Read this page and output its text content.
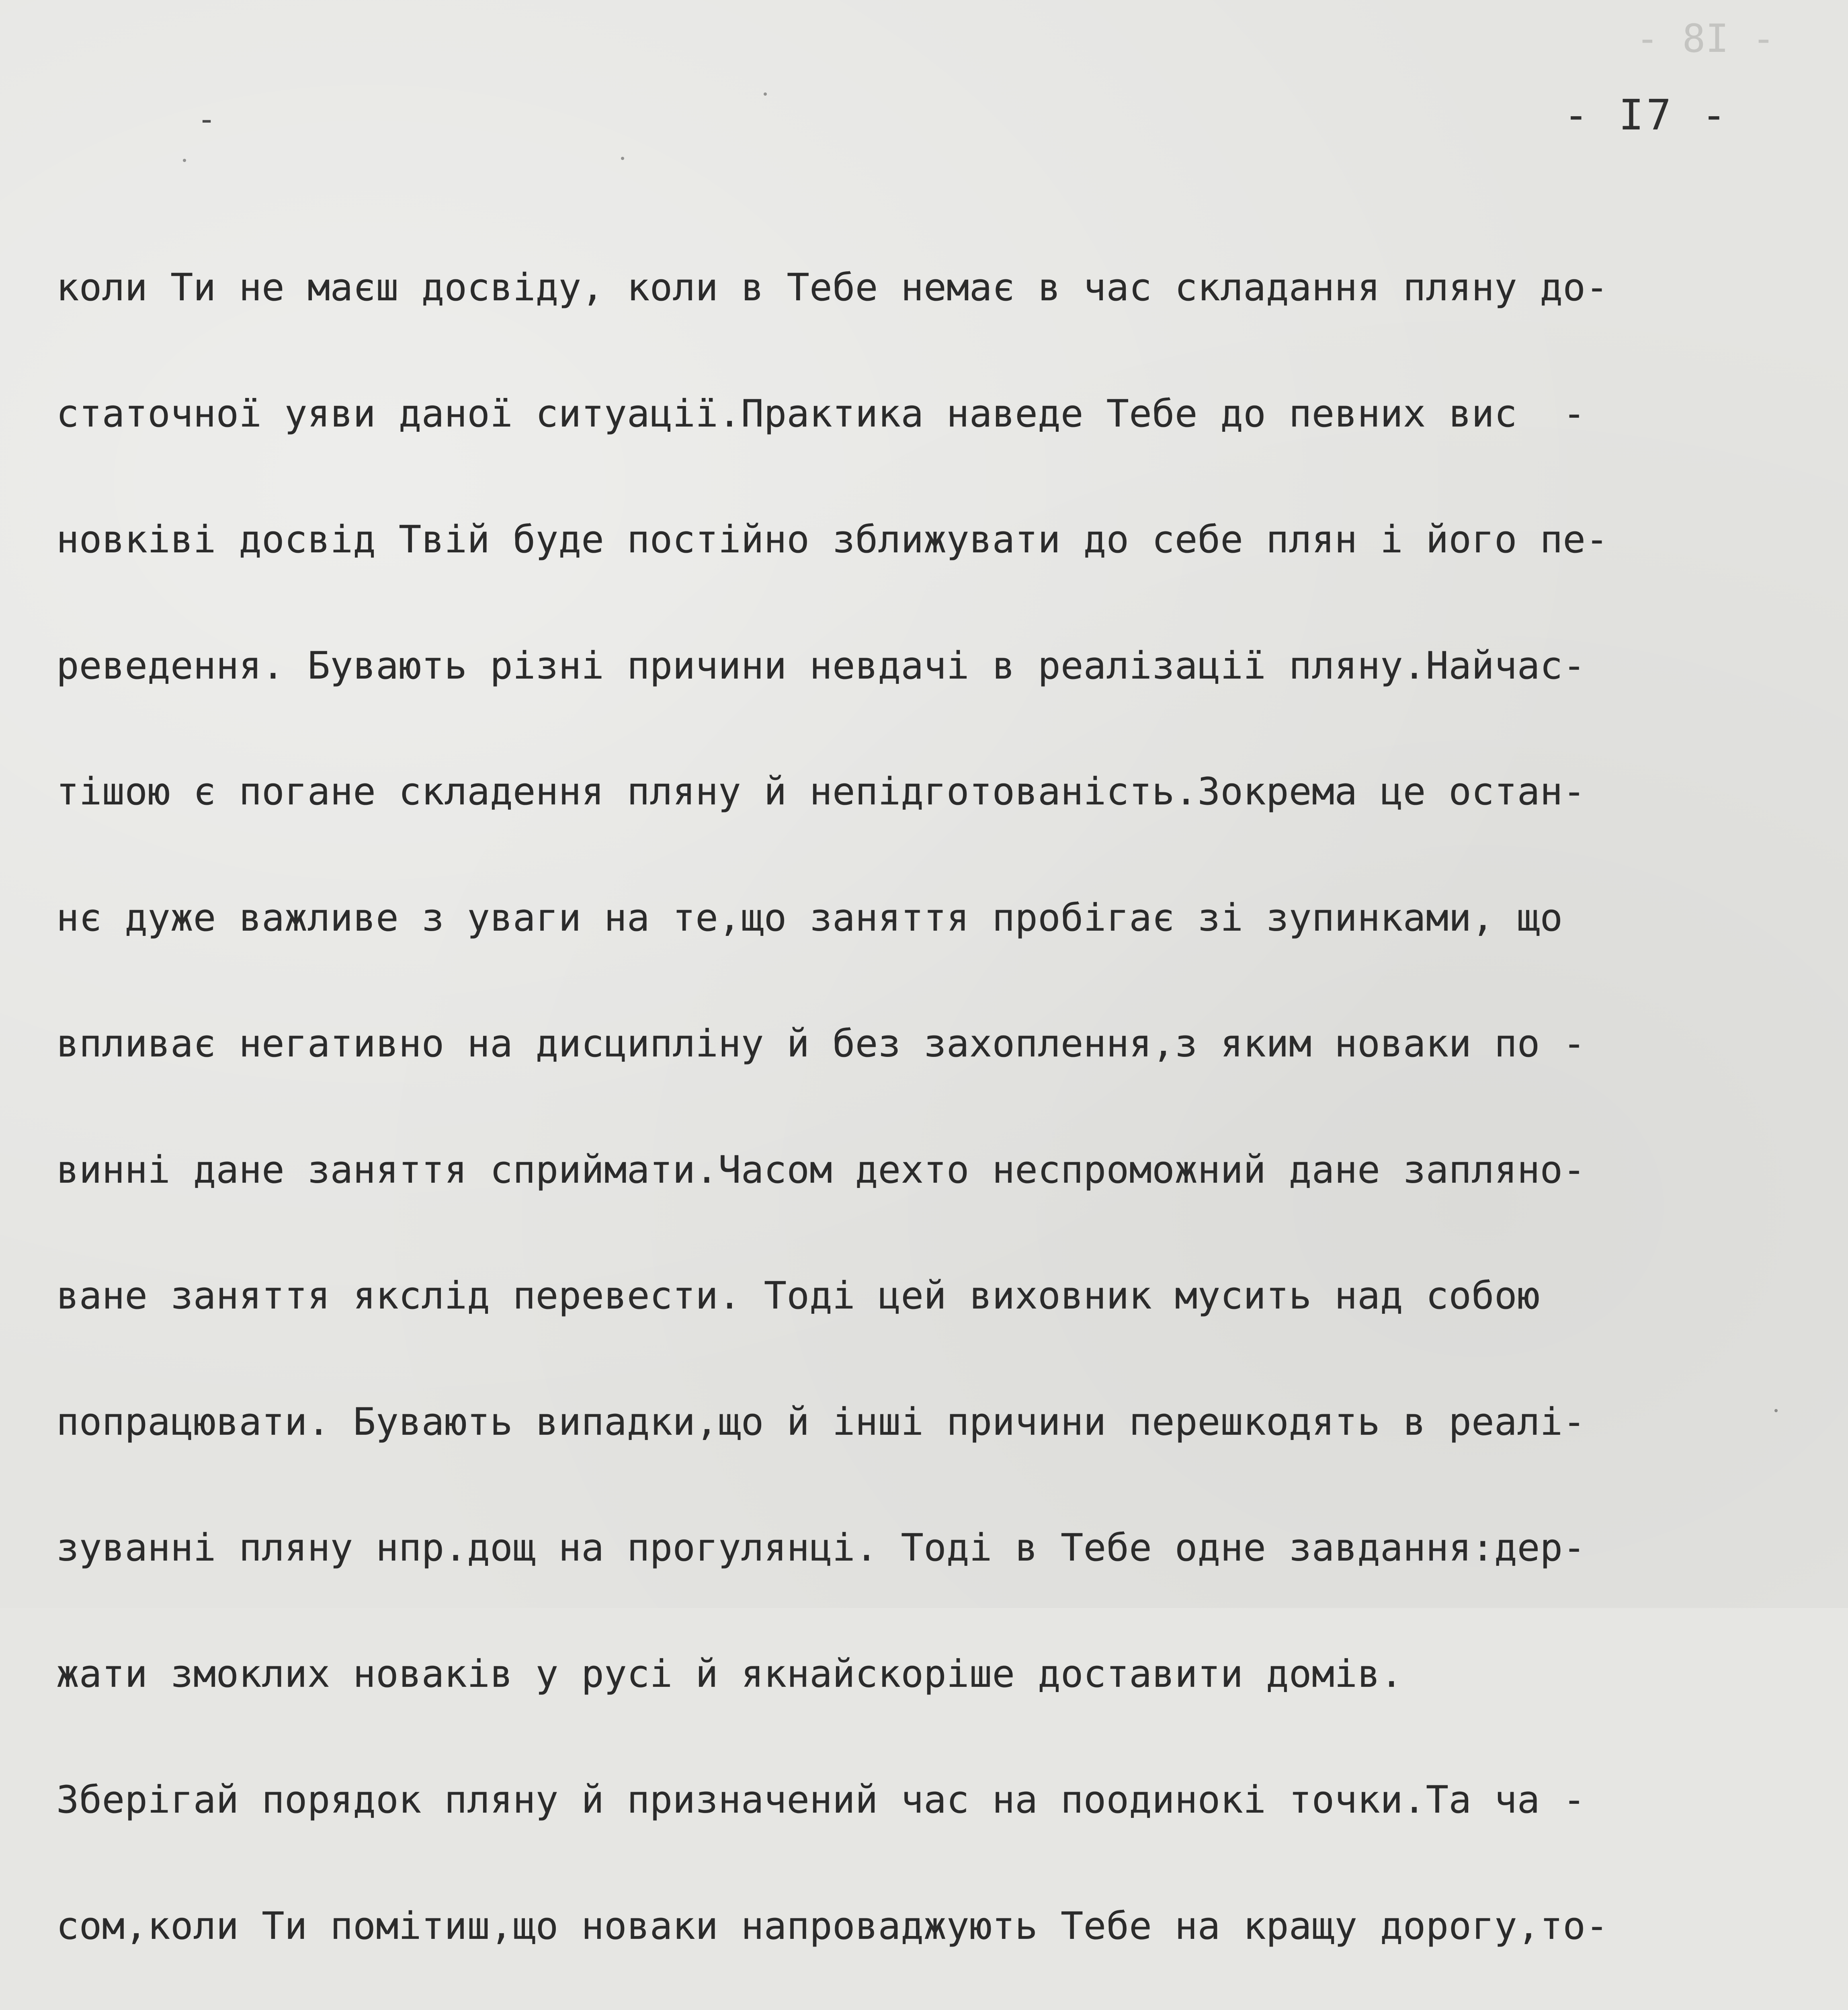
- I8 -
-	- I7 -

коли Ти не маєш досвіду, коли в Тебе немає в час складання пляну до-

статочної уяви даної ситуації.Практика наведе Тебе до певних вис  -

новківі досвід Твій буде постійно зближувати до себе плян і його пе-

реведення. Бувають різні причини невдачі в реалізації пляну.Найчас-

тішою є погане складення пляну й непідготованість.Зокрема це остан-

нє дуже важливе з уваги на те,що заняття пробігає зі зупинками, що

впливає негативно на дисципліну й без захоплення,з яким новаки по -

винні дане заняття сприймати.Часом дехто неспроможний дане заплянo-

ване заняття якслід перевести. Тоді цей виховник мусить над собою

попрацювати. Бувають випадки,що й інші причини перешкодять в реалі-

зуванні пляну нпр.дощ на прогулянці. Тоді в Тебе одне завдання:дер-

жати змоклих новаків у русі й якнайскоріше доставити домів.

Зберігай порядок пляну й призначений час на поодинокі точки.Та ча -

сом,коли Ти помітиш,що новаки напроваджують Тебе на кращу дорогу,то-
